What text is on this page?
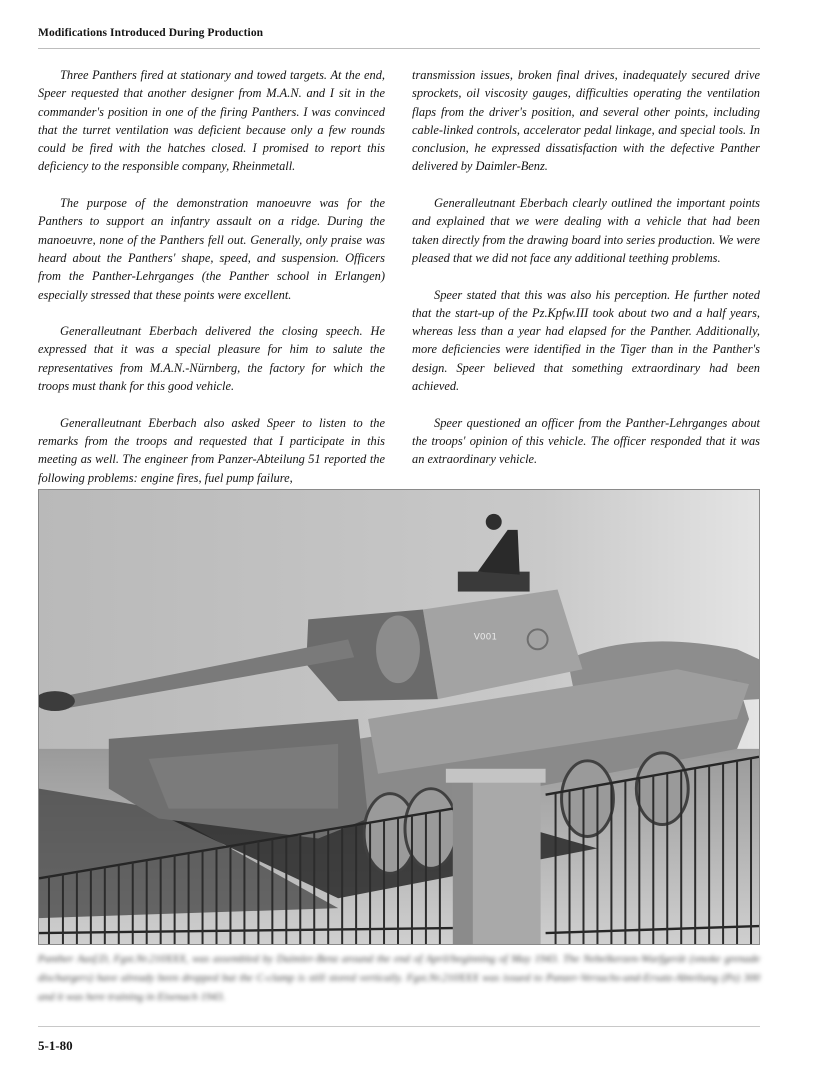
Modifications Introduced During Production

Three Panthers fired at stationary and towed targets. At the end, Speer requested that another designer from M.A.N. and I sit in the commander's position in one of the firing Panthers. I was convinced that the turret ventilation was deficient because only a few rounds could be fired with the hatches closed. I promised to report this deficiency to the responsible company, Rheinmetall.

The purpose of the demonstration manoeuvre was for the Panthers to support an infantry assault on a ridge. During the manoeuvre, none of the Panthers fell out. Generally, only praise was heard about the Panthers' shape, speed, and suspension. Officers from the Panther-Lehrganges (the Panther school in Erlangen) especially stressed that these points were excellent.

Generalleutnant Eberbach delivered the closing speech. He expressed that it was a special pleasure for him to salute the representatives from M.A.N.-Nürnberg, the factory for which the troops must thank for this good vehicle.

Generalleutnant Eberbach also asked Speer to listen to the remarks from the troops and requested that I participate in this meeting as well. The engineer from Panzer-Abteilung 51 reported the following problems: engine fires, fuel pump failure,

transmission issues, broken final drives, inadequately secured drive sprockets, oil viscosity gauges, difficulties operating the ventilation flaps from the driver's position, and several other points, including cable-linked controls, accelerator pedal linkage, and special tools. In conclusion, he expressed dissatisfaction with the defective Panther delivered by Daimler-Benz.

Generalleutnant Eberbach clearly outlined the important points and explained that we were dealing with a vehicle that had been taken directly from the drawing board into series production. We were pleased that we did not face any additional teething problems.

Speer stated that this was also his perception. He further noted that the start-up of the Pz.Kpfw.III took about two and a half years, whereas less than a year had elapsed for the Panther. Additionally, more deficiencies were identified in the Tiger than in the Panther's design. Speer believed that something extraordinary had been achieved.

Speer questioned an officer from the Panther-Lehrganges about the troops' opinion of this vehicle. The officer responded that it was an extraordinary vehicle.

V001
Panther Ausf.D, Fgst.Nr.210XXX, was assembled by Daimler-Benz around the end of April/beginning of May 1943. The Nebelkerzen-Wurfgerät (smoke grenade dischargers) have already been dropped but the C-clamp is still stored vertically. Fgst.Nr.210XXX was issued to Panzer-Versuchs-und-Ersatz-Abteilung (Pz) 300 and it was here training in Eisenach 1943.
5-1-80
